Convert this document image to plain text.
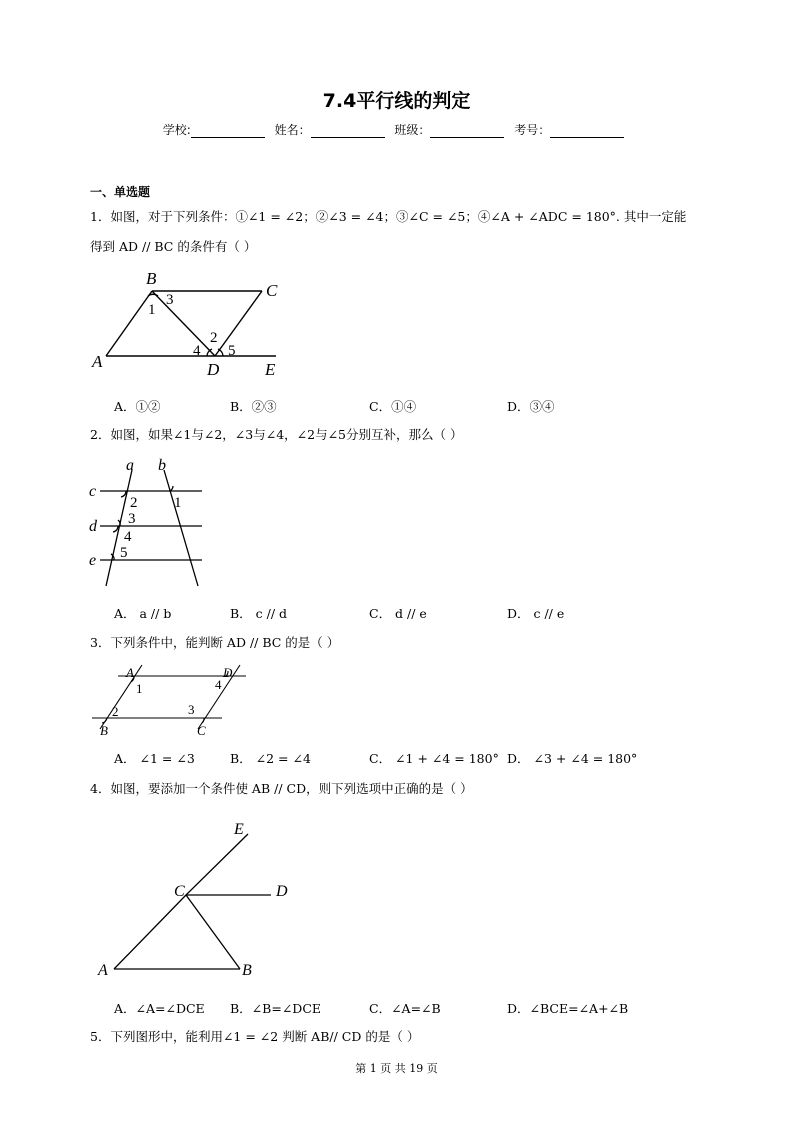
7.4平行线的判定
学校:	姓名：	班级：	考号：
一、单选题
1．如图，对于下列条件：①∠1 = ∠2；②∠3 = ∠4；③∠C = ∠5；④∠A + ∠ADC = 180°. 其中一定能
得到 AD // BC 的条件有（ ）
B
C
A	D	E
1
3
2
4 5
A．①②	B．②③	C．①④	D．③④
2．如图，如果∠1与∠2，∠3与∠4，∠2与∠5分别互补，那么（ ）
a b
c
d
e
2 1
3
4
5
A． a // b	B． c // d	C． d // e	D． c // e
3．下列条件中，能判断 AD // BC 的是（ ）
A	D
B	C
1	4
2	3
A． ∠1 = ∠3	B． ∠2 = ∠4	C． ∠1 + ∠4 = 180° D． ∠3 + ∠4 = 180°
4．如图，要添加一个条件使 AB // CD，则下列选项中正确的是（ ）
E
C	D
A	B
A．∠A=∠DCE B．∠B=∠DCE	C．∠A=∠B	D．∠BCE=∠A+∠B
5．下列图形中，能利用∠1 = ∠2 判断 AB// CD 的是（ ）
第 1 页 共 19 页
